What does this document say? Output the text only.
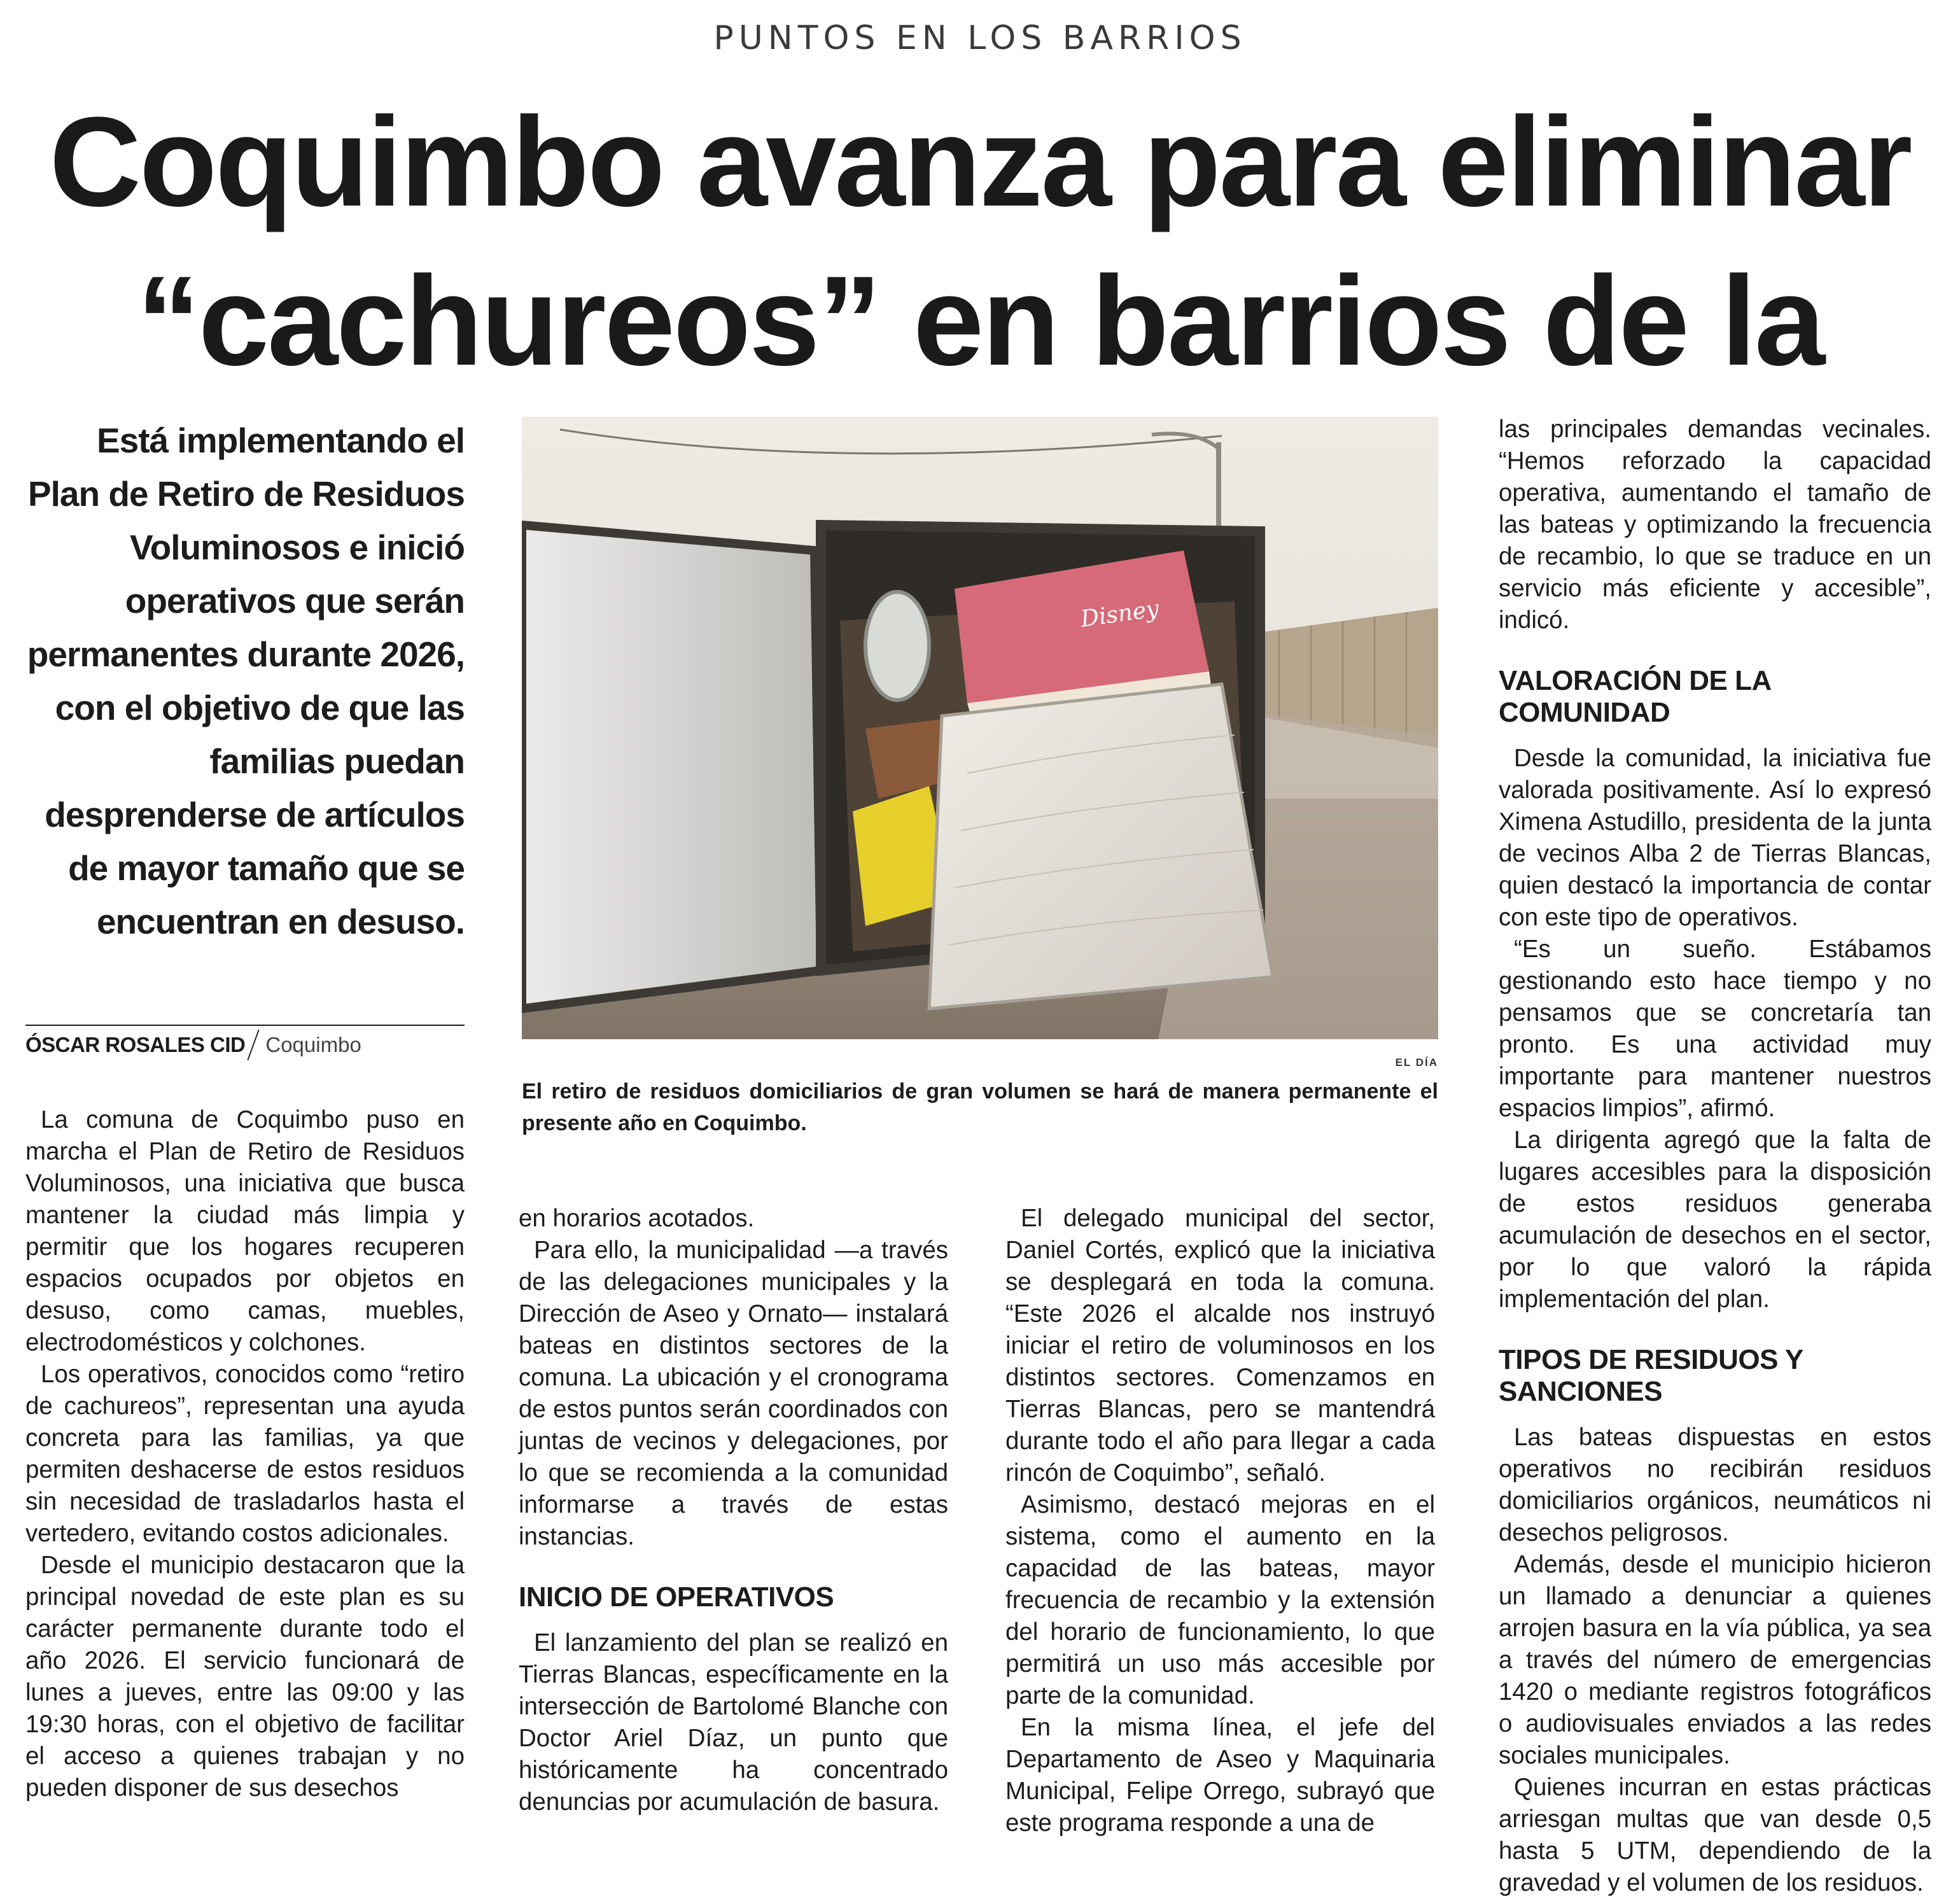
PUNTOS EN LOS BARRIOS
Coquimbo avanza para eliminar
“cachureos” en barrios de la

Está implementando el Plan de Retiro de Residuos Voluminosos e inició operativos que serán permanentes durante 2026, con el objetivo de que las familias puedan desprenderse de artículos de mayor tamaño que se encuentran en desuso.

ÓSCAR ROSALES CID Coquimbo
Disney
EL DÍA

El retiro de residuos domiciliarios de gran volumen se hará de manera permanente el presente año en Coquimbo.

La comuna de Coquimbo puso en marcha el Plan de Retiro de Residuos Voluminosos, una iniciativa que busca mantener la ciudad más limpia y permitir que los hogares recuperen espacios ocupados por objetos en desuso, como camas, muebles, electrodomésticos y colchones.

Los operativos, conocidos como “retiro de cachureos”, representan una ayuda concreta para las familias, ya que permiten deshacerse de estos residuos sin necesidad de trasladarlos hasta el vertedero, evitando costos adicionales.

Desde el municipio destacaron que la principal novedad de este plan es su carácter permanente durante todo el año 2026. El servicio funcionará de lunes a jueves, entre las 09:00 y las 19:30 horas, con el objetivo de facilitar el acceso a quienes trabajan y no pueden disponer de sus desechos

en horarios acotados.

Para ello, la municipalidad —a través de las delegaciones municipales y la Dirección de Aseo y Ornato— instalará bateas en distintos sectores de la comuna. La ubicación y el cronograma de estos puntos serán coordinados con juntas de vecinos y delegaciones, por lo que se recomienda a la comunidad informarse a través de estas instancias.

INICIO DE OPERATIVOS

El lanzamiento del plan se realizó en Tierras Blancas, específicamente en la intersección de Bartolomé Blanche con Doctor Ariel Díaz, un punto que históricamente ha concentrado denuncias por acumulación de basura.

El delegado municipal del sector, Daniel Cortés, explicó que la iniciativa se desplegará en toda la comuna. “Este 2026 el alcalde nos instruyó iniciar el retiro de voluminosos en los distintos sectores. Comenzamos en Tierras Blancas, pero se mantendrá durante todo el año para llegar a cada rincón de Coquimbo”, señaló.

Asimismo, destacó mejoras en el sistema, como el aumento en la capacidad de las bateas, mayor frecuencia de recambio y la extensión del horario de funcionamiento, lo que permitirá un uso más accesible por parte de la comunidad.

En la misma línea, el jefe del Departamento de Aseo y Maquinaria Municipal, Felipe Orrego, subrayó que este programa responde a una de

las principales demandas vecinales. “Hemos reforzado la capacidad operativa, aumentando el tamaño de las bateas y optimizando la frecuencia de recambio, lo que se traduce en un servicio más eficiente y accesible”, indicó.

VALORACIÓN DE LA COMUNIDAD

Desde la comunidad, la iniciativa fue valorada positivamente. Así lo expresó Ximena Astudillo, presidenta de la junta de vecinos Alba 2 de Tierras Blancas, quien destacó la importancia de contar con este tipo de operativos.

“Es un sueño. Estábamos gestionando esto hace tiempo y no pensamos que se concretaría tan pronto. Es una actividad muy importante para mantener nuestros espacios limpios”, afirmó.

La dirigenta agregó que la falta de lugares accesibles para la disposición de estos residuos generaba acumulación de desechos en el sector, por lo que valoró la rápida implementación del plan.

TIPOS DE RESIDUOS Y SANCIONES

Las bateas dispuestas en estos operativos no recibirán residuos domiciliarios orgánicos, neumáticos ni desechos peligrosos.

Además, desde el municipio hicieron un llamado a denunciar a quienes arrojen basura en la vía pública, ya sea a través del número de emergencias 1420 o mediante registros fotográficos o audiovisuales enviados a las redes sociales municipales.

Quienes incurran en estas prácticas arriesgan multas que van desde 0,5 hasta 5 UTM, dependiendo de la gravedad y el volumen de los residuos.
